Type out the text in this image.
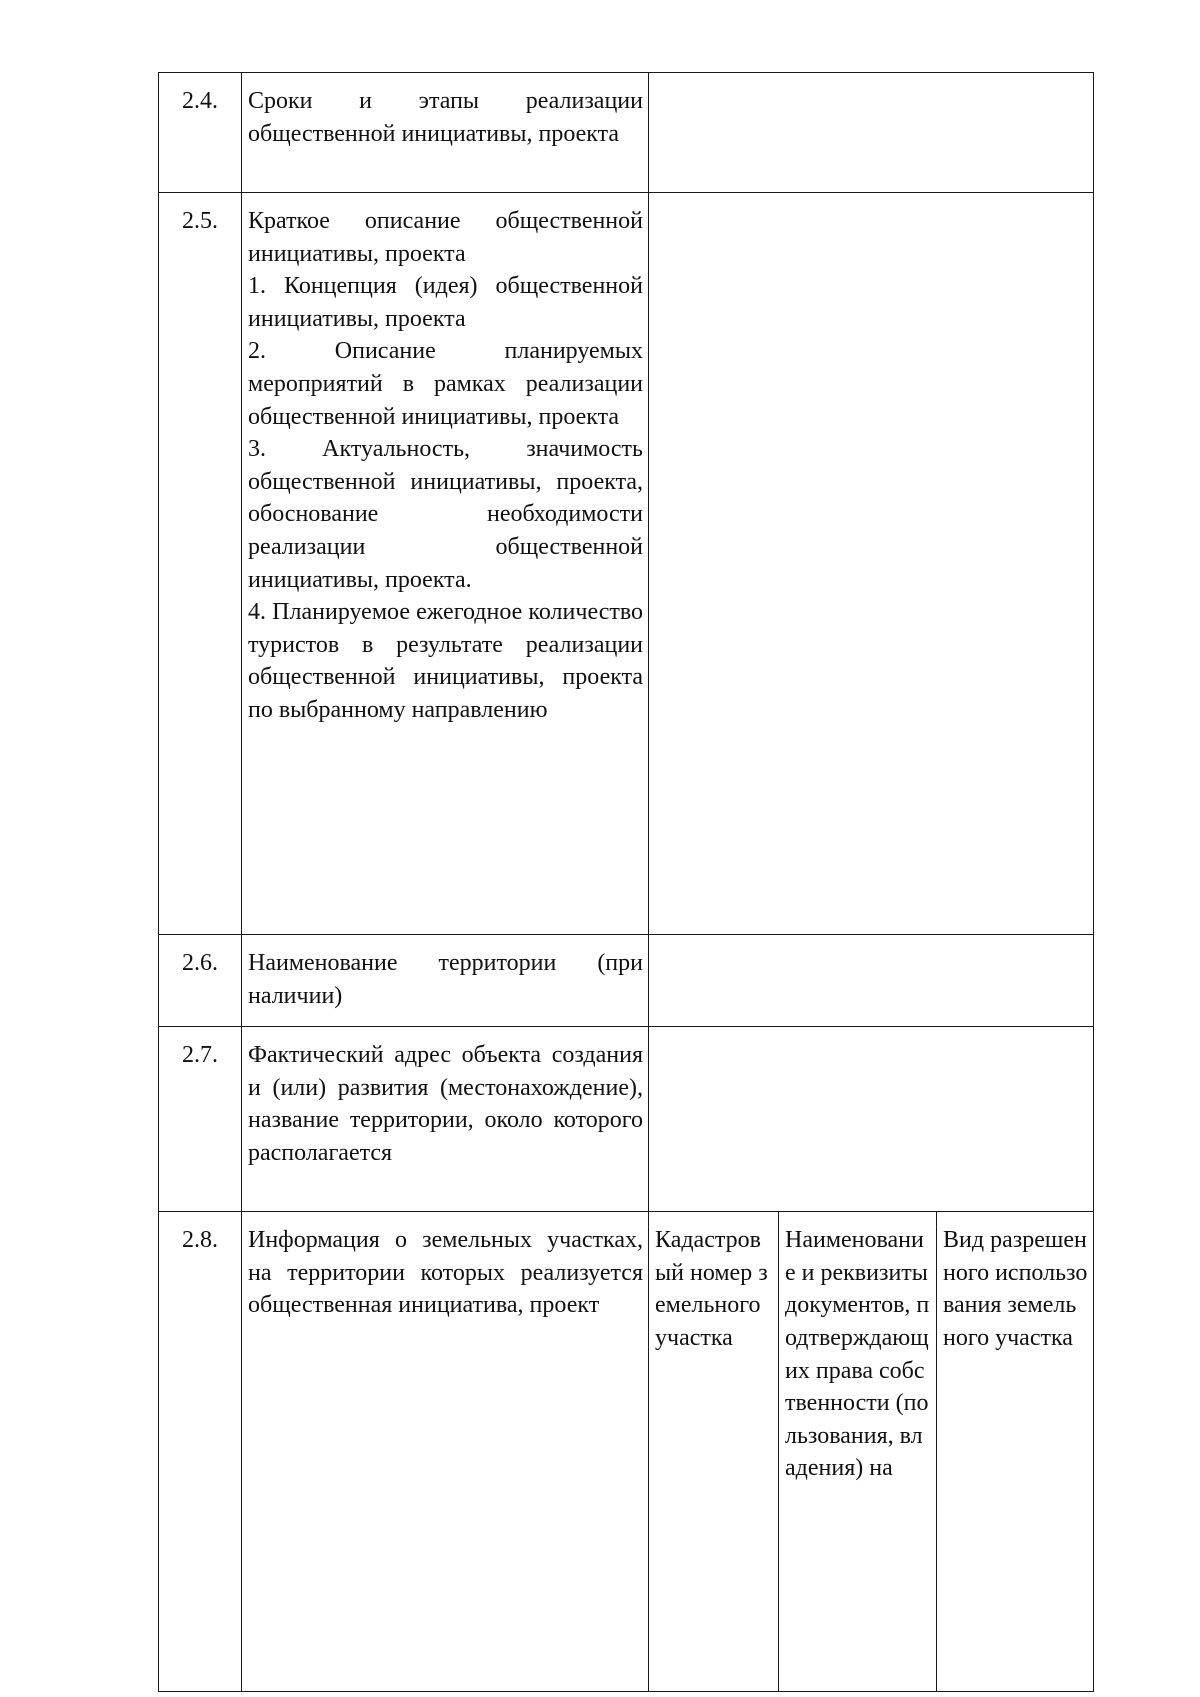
2.4.	Сроки и этапы реализации общественной инициативы, проекта			
2.5.	Краткое описание общественной инициативы, проекта

1. Концепция (идея) общественной инициативы, проекта

2. Описание планируемых мероприятий в рамках реализации общественной инициативы, проекта

3. Актуальность, значимость общественной инициативы, проекта, обоснование необходимости реализации общественной инициативы, проекта.

4. Планируемое ежегодное количество туристов в результате реализации общественной инициативы, проекта по выбранному направлению			

2.6.	Наименование территории (при наличии)			
2.7.	Фактический адрес объекта создания и (или) развития (местонахождение), название территории, около которого располагается			
2.8.	Информация о земельных участках, на территории которых реализуется общественная инициатива, проект	Кадастровый номер земельного участка	Наименование и реквизиты документов, подтверждающих права собственности (пользования, владения) на	Вид разрешенного использования земельного участка
